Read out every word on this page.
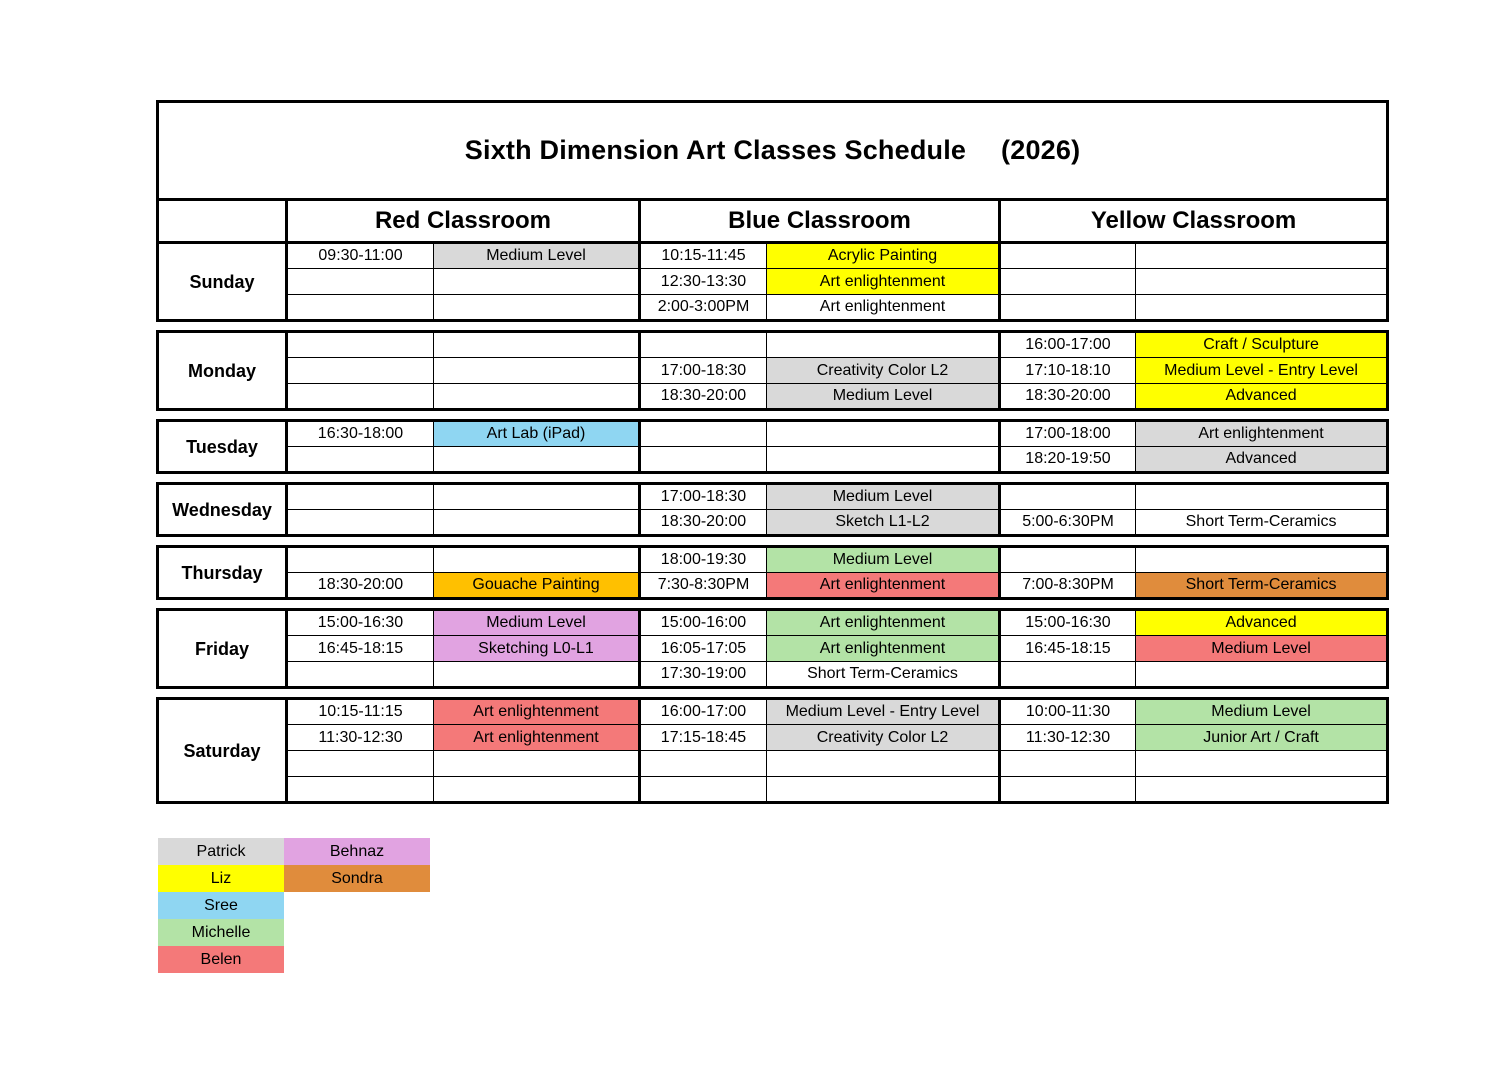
Sixth Dimension Art Classes Schedule 　(2026)						
	Red Classroom		Blue Classroom		Yellow Classroom	
Sunday	09:30-11:00	Medium Level	10:15-11:45	Acrylic Painting		
			12:30-13:30	Art enlightenment		
			2:00-3:00PM	Art enlightenment		

Monday					16:00-17:00	Craft / Sculpture
			17:00-18:30	Creativity Color L2	17:10-18:10	Medium Level - Entry Level
			18:30-20:00	Medium Level	18:30-20:00	Advanced

Tuesday	16:30-18:00	Art Lab (iPad)			17:00-18:00	Art enlightenment
					18:20-19:50	Advanced

Wednesday			17:00-18:30	Medium Level		
			18:30-20:00	Sketch L1-L2	5:00-6:30PM	Short Term-Ceramics

Thursday			18:00-19:30	Medium Level		
	18:30-20:00	Gouache Painting	7:30-8:30PM	Art enlightenment	7:00-8:30PM	Short Term-Ceramics

Friday	15:00-16:30	Medium Level	15:00-16:00	Art enlightenment	15:00-16:30	Advanced
	16:45-18:15	Sketching L0-L1	16:05-17:05	Art enlightenment	16:45-18:15	Medium Level
			17:30-19:00	Short Term-Ceramics		

Saturday	10:15-11:15	Art enlightenment	16:00-17:00	Medium Level - Entry Level	10:00-11:30	Medium Level
	11:30-12:30	Art enlightenment	17:15-18:45	Creativity Color L2	11:30-12:30	Junior Art / Craft

Patrick	Behnaz
Liz	Sondra
Sree
Michelle
Belen
